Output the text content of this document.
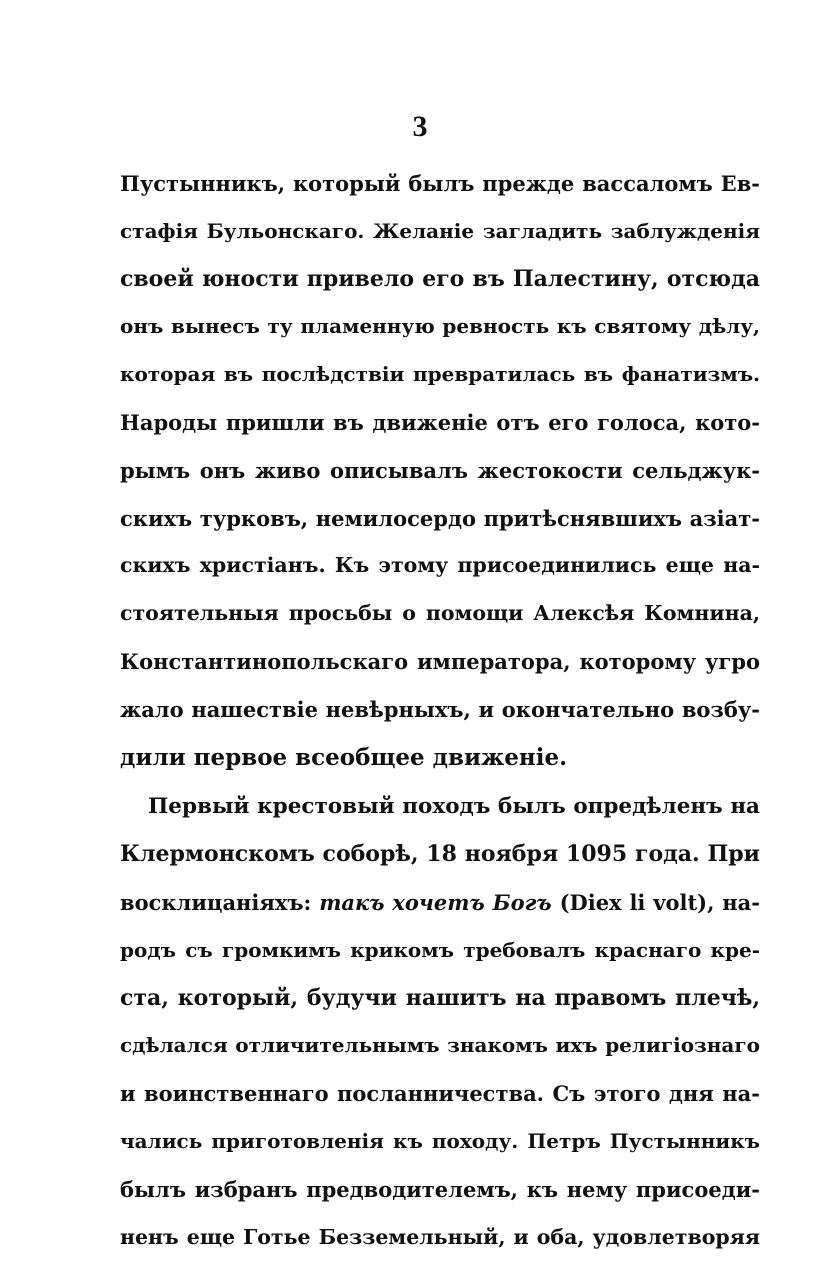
3
Пустынникъ, который былъ прежде вассаломъ Ев-
стафія Бульонскаго. Желаніе загладить заблужденія
своей юности привело его въ Палестину, отсюда
онъ вынесъ ту пламенную ревность къ святому дѣлу,
которая въ послѣдствіи превратилась въ фанатизмъ.
Народы пришли въ движеніе отъ его голоса, кото-
рымъ онъ живо описывалъ жестокости сельджук-
скихъ турковъ, немилосердо притѣснявшихъ азіат-
скихъ христіанъ. Къ этому присоединились еще на-
стоятельныя просьбы о помощи Алексѣя Комнина,
Константинопольскаго императора, которому угро
жало нашествіе невѣрныхъ, и окончательно возбу-
дили первое всеобщее движеніе.
Первый крестовый походъ былъ опредѣленъ на
Клермонскомъ соборѣ, 18 ноября 1095 года. При
восклицаніяхъ: такъ хочетъ Богъ (Diex li volt), на-
родъ съ громкимъ крикомъ требовалъ краснаго кре-
ста, который, будучи нашитъ на правомъ плечѣ,
сдѣлался отличительнымъ знакомъ ихъ религіознаго
и воинственнаго посланничества. Съ этого дня на-
чались приготовленія къ походу. Петръ Пустынникъ
былъ избранъ предводителемъ, къ нему присоеди-
ненъ еще Готье Безземельный, и оба, удовлетворяя
